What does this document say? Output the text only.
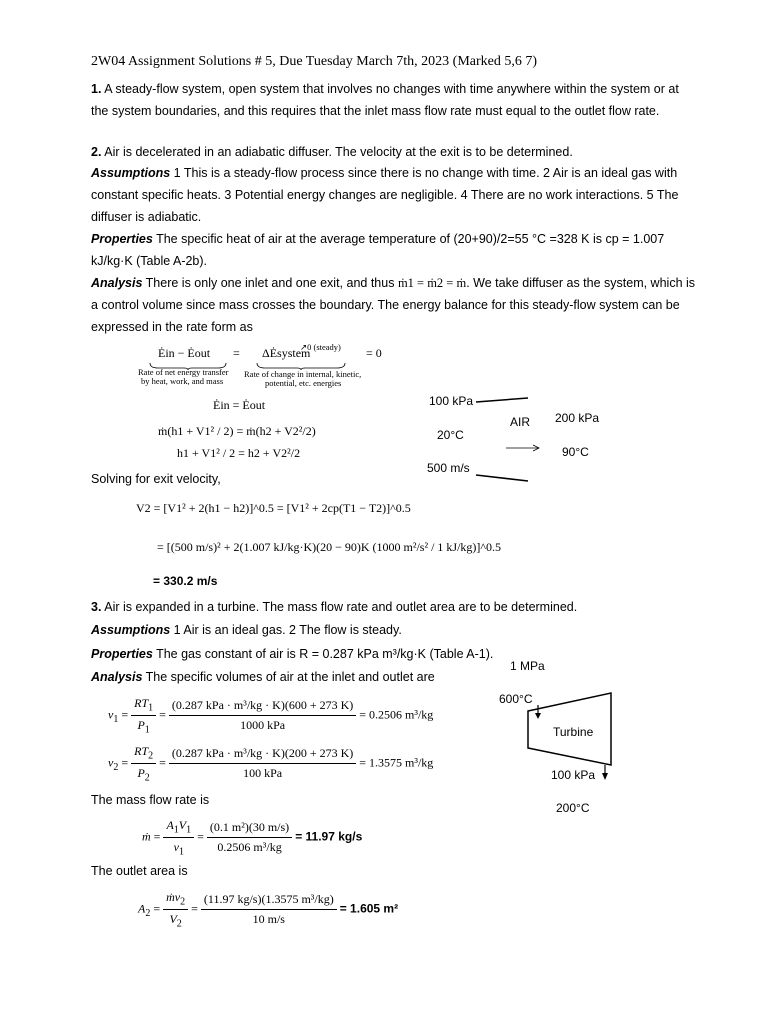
2W04 Assignment Solutions # 5, Due Tuesday March 7th, 2023 (Marked 5,6 7)
1. A steady-flow system, open system that involves no changes with time anywhere within the system or at the system boundaries, and this requires that the inlet mass flow rate must equal to the outlet flow rate.
2. Air is decelerated in an adiabatic diffuser. The velocity at the exit is to be determined.
Assumptions 1 This is a steady-flow process since there is no change with time. 2 Air is an ideal gas with constant specific heats. 3 Potential energy changes are negligible. 4 There are no work interactions. 5 The diffuser is adiabatic.
Properties The specific heat of air at the average temperature of (20+90)/2=55 °C =328 K is cp = 1.007 kJ/kg·K (Table A-2b).
Analysis There is only one inlet and one exit, and thus ṁ1 = ṁ2 = ṁ. We take diffuser as the system, which is a control volume since mass crosses the boundary. The energy balance for this steady-flow system can be expressed in the rate form as
Ėin − Ėout = ΔĖsystem
↗0 (steady) = 0
Rate of net energy transfer
by heat, work, and mass
Rate of change in internal, kinetic,
potential, etc. energies
Ėin = Ėout
ṁ(h1 + V1² / 2) = ṁ(h2 + V2²/2)
h1 + V1² / 2 = h2 + V2²/2
100 kPa
AIR 200 kPa
20°C
90°C
500 m/s
Solving for exit velocity,
V2 = [V1² + 2(h1 − h2)]^0.5 = [V1² + 2cp(T1 − T2)]^0.5
= [(500 m/s)² + 2(1.007 kJ/kg·K)(20 − 90)K (1000 m²/s² / 1 kJ/kg)]^0.5
= 330.2 m/s
3. Air is expanded in a turbine. The mass flow rate and outlet area are to be determined.
Assumptions 1 Air is an ideal gas. 2 The flow is steady.
Properties The gas constant of air is R = 0.287 kPa m³/kg·K (Table A-1).
Analysis The specific volumes of air at the inlet and outlet are
$v_1 = \frac{RT_1}{P_1} = \frac{\text{(0.287 kPa · m³/kg · K)(600 + 273 K)}}{\text{1000 kPa}} = 0.2506$ m³/kg
$v_2 = \frac{RT_2}{P_2} = \frac{\text{(0.287 kPa · m³/kg · K)(200 + 273 K)}}{\text{100 kPa}} = 1.3575$ m³/kg
1 MPa
600°C
Turbine
100 kPa
200°C
The mass flow rate is
ṁ = $\frac{A_1V_1}{v_1} = \frac{\text{(0.1 m²)(30 m/s)}}{\text{0.2506 m³/kg}} = 11.97$ kg/s
The outlet area is
$A_2 = \frac{ṁv_2}{V_2} = \frac{\text{(11.97 kg/s)(1.3575 m³/kg)}}{10 m/s} = 1.605$ m²
